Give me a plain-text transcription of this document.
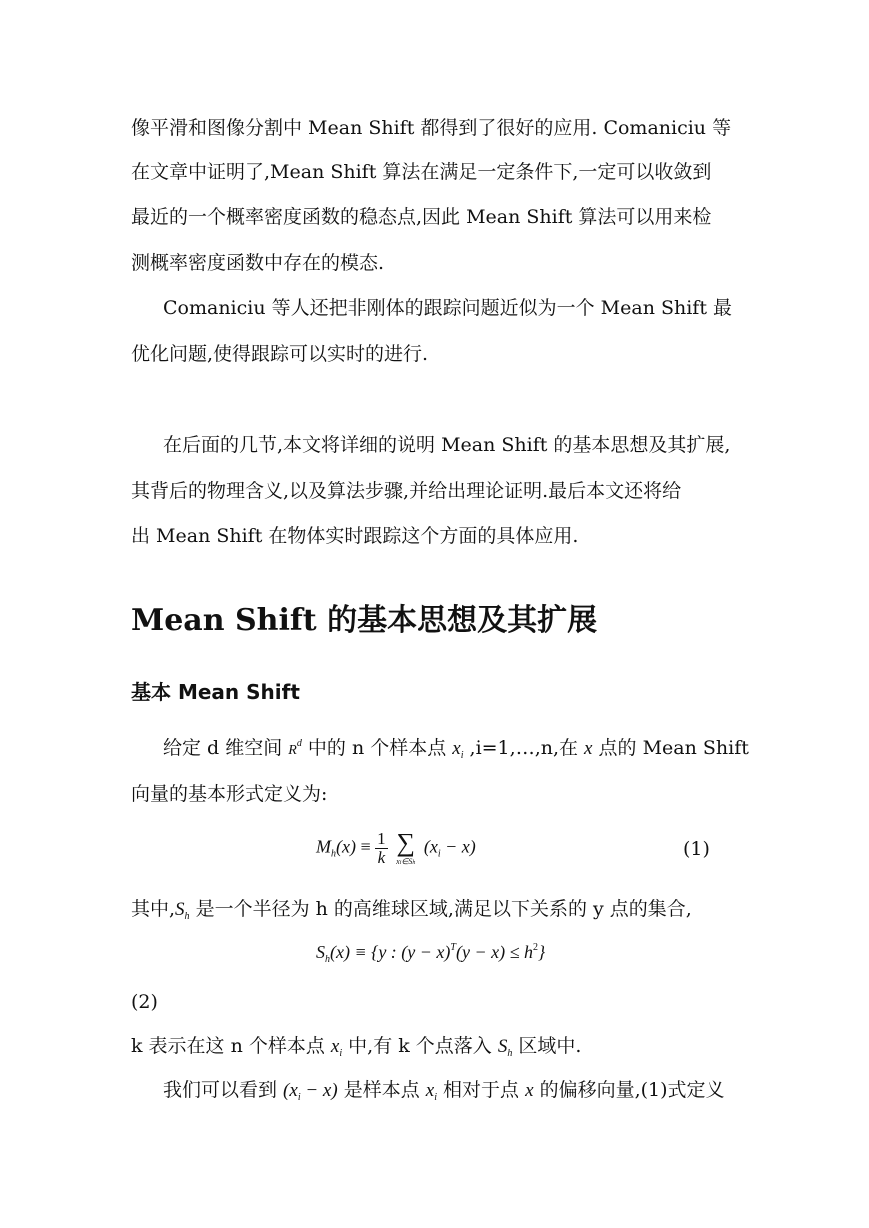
像平滑和图像分割中 Mean Shift 都得到了很好的应用. Comaniciu 等
在文章中证明了,Mean Shift 算法在满足一定条件下,一定可以收敛到
最近的一个概率密度函数的稳态点,因此 Mean Shift 算法可以用来检
测概率密度函数中存在的模态.
Comaniciu 等人还把非刚体的跟踪问题近似为一个 Mean Shift 最
优化问题,使得跟踪可以实时的进行.
在后面的几节,本文将详细的说明 Mean Shift 的基本思想及其扩展,
其背后的物理含义,以及算法步骤,并给出理论证明.最后本文还将给
出 Mean Shift 在物体实时跟踪这个方面的具体应用.
Mean Shift 的基本思想及其扩展
基本 Mean Shift
给定 d 维空间 $R^d$ 中的 n 个样本点 $x_i$ ,i=1,…,n,在 x 点的 Mean Shift
向量的基本形式定义为:
$M_h(x) \equiv \frac{1}{k}$
∑
xi∈Sh
$(x_i - x)$	(1)
其中$,S_h$ 是一个半径为 h 的高维球区域,满足以下关系的 y 点的集合,
$S_h(x) \equiv \{y$ : $(y - x)^T(y - x) \le h^2$}
(2)
k 表示在这 n 个样本点 $x_i$ 中,有 k 个点落入 $S_h$ 区域中.
我们可以看到 $(x_i - x)$ 是样本点 $x_i$ 相对于点 x 的偏移向量,(1)式定义
